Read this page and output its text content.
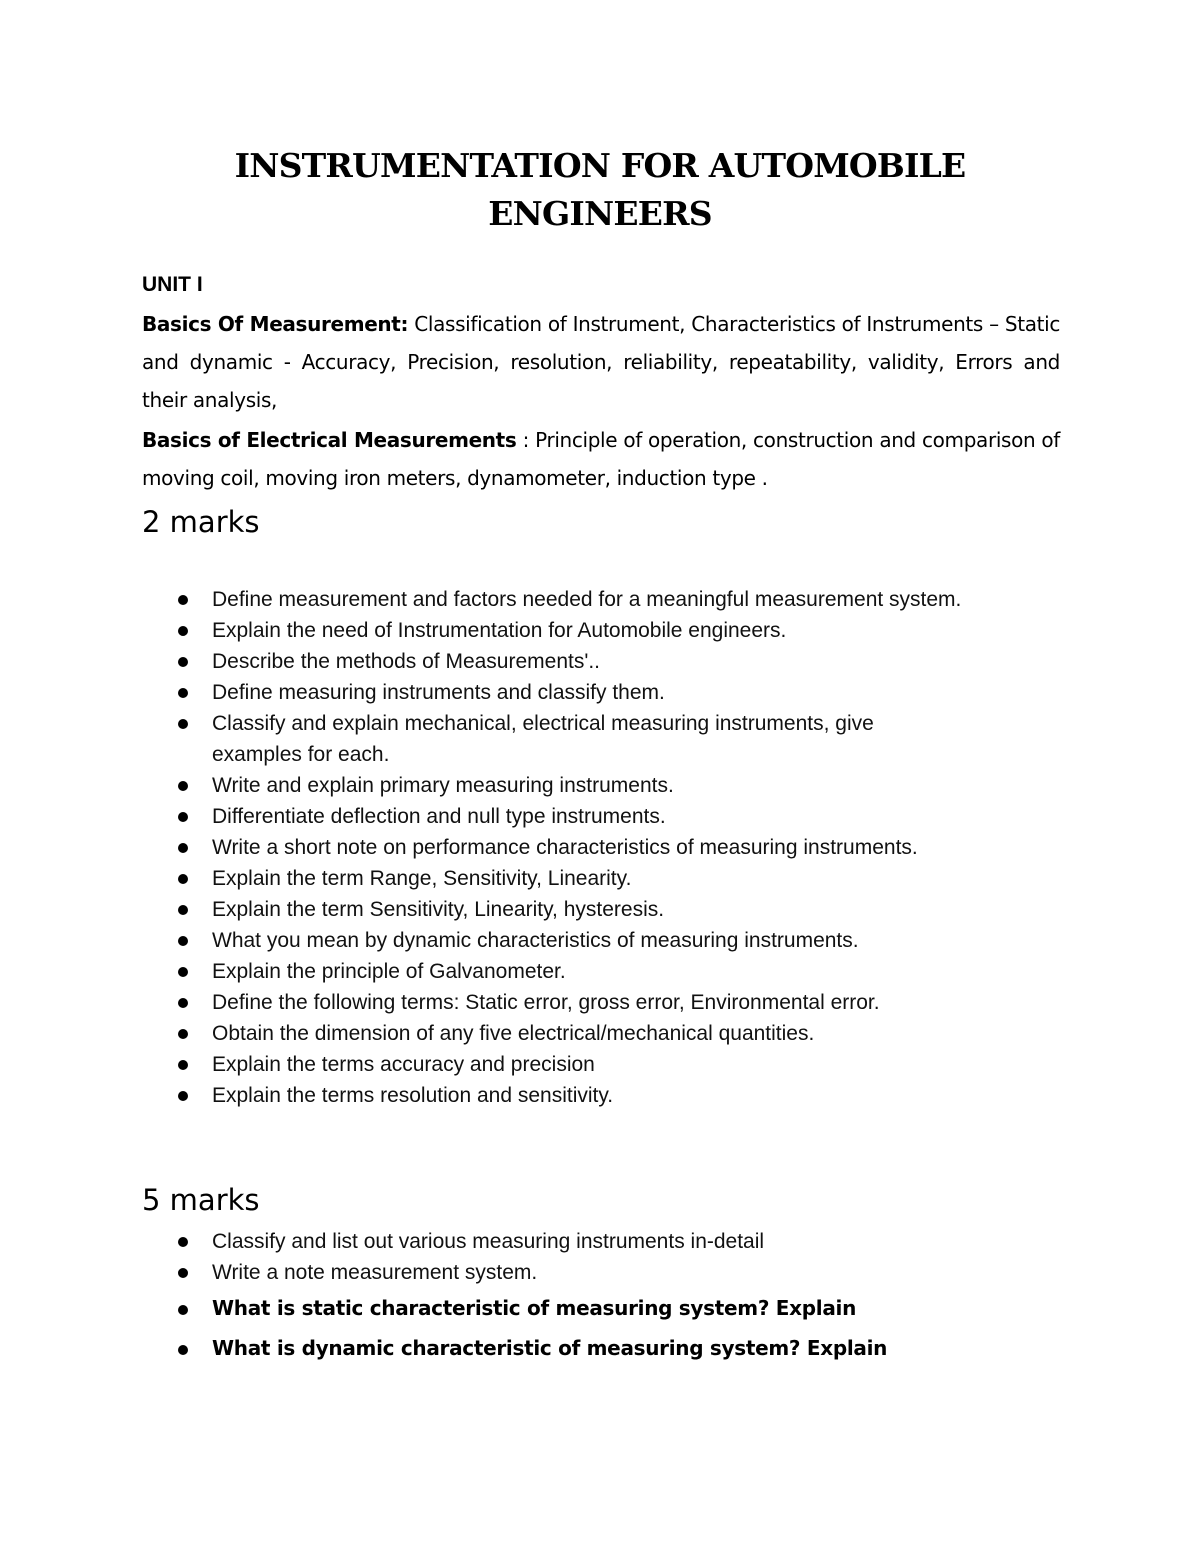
INSTRUMENTATION FOR AUTOMOBILE
ENGINEERS

UNIT I

Basics Of Measurement: Classification of Instrument, Characteristics of Instruments – Static and dynamic - Accuracy, Precision, resolution, reliability, repeatability, validity, Errors and their analysis,

Basics of Electrical Measurements : Principle of operation, construction and comparison of moving coil, moving iron meters, dynamometer, induction type .

2 marks
Define measurement and factors needed for a meaningful measurement system.
Explain the need of Instrumentation for Automobile engineers.
Describe the methods of Measurements'..
Define measuring instruments and classify them.
Classify and explain mechanical, electrical measuring instruments, give examples for each.
Write and explain primary measuring instruments.
Differentiate deflection and null type instruments.
Write a short note on performance characteristics of measuring instruments.
Explain the term Range, Sensitivity, Linearity.
Explain the term Sensitivity, Linearity, hysteresis.
What you mean by dynamic characteristics of measuring instruments.
Explain the principle of Galvanometer.
Define the following terms: Static error, gross error, Environmental error.
Obtain the dimension of any five electrical/mechanical quantities.
Explain the terms accuracy and precision
Explain the terms resolution and sensitivity.
5 marks
Classify and list out various measuring instruments in-detail
Write a note measurement system.
What is static characteristic of measuring system? Explain
What is dynamic characteristic of measuring system? Explain
